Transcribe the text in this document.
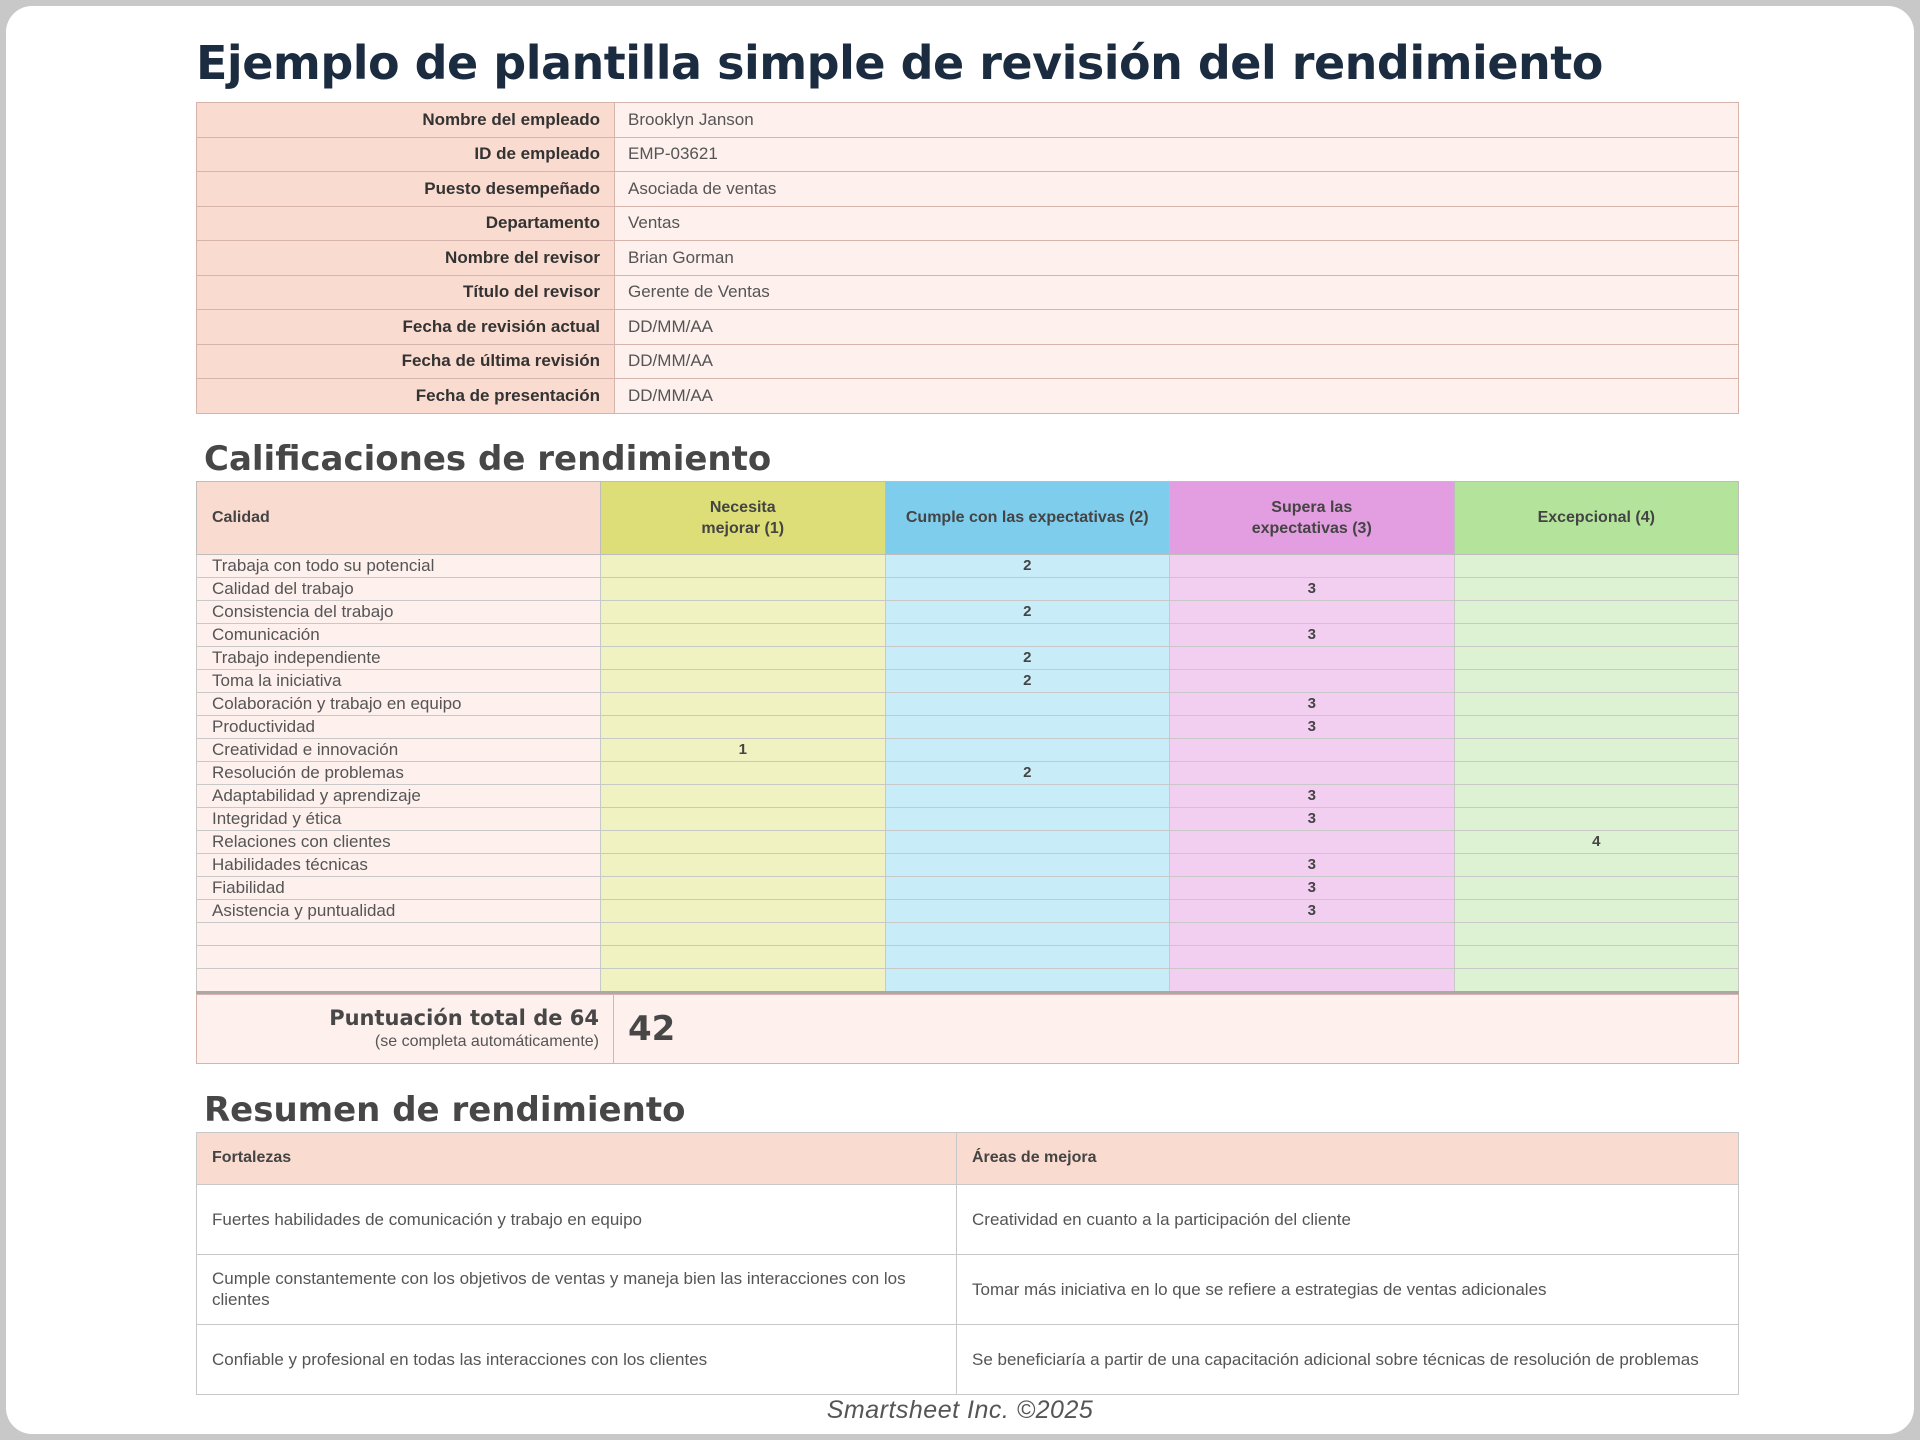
Ejemplo de plantilla simple de revisión del rendimiento
Nombre del empleado	Brooklyn Janson
ID de empleado	EMP-03621
Puesto desempeñado	Asociada de ventas
Departamento	Ventas
Nombre del revisor	Brian Gorman
Título del revisor	Gerente de Ventas
Fecha de revisión actual	DD/MM/AA
Fecha de última revisión	DD/MM/AA
Fecha de presentación	DD/MM/AA
Calificaciones de rendimiento
Calidad	Necesita mejorar (1)	Cumple con las expectativas (2)	Supera las expectativas (3)	Excepcional (4)
Trabaja con todo su potencial		2		
Calidad del trabajo			3	
Consistencia del trabajo		2		
Comunicación			3	
Trabajo independiente		2		
Toma la iniciativa		2		
Colaboración y trabajo en equipo			3	
Productividad			3	
Creatividad e innovación	1			
Resolución de problemas		2		
Adaptabilidad y aprendizaje			3	
Integridad y ética			3	
Relaciones con clientes				4
Habilidades técnicas			3	
Fiabilidad			3	
Asistencia y puntualidad			3	

Puntuación total de 64
(se completa automáticamente)	42
Resumen de rendimiento
Fortalezas	Áreas de mejora
Fuertes habilidades de comunicación y trabajo en equipo	Creatividad en cuanto a la participación del cliente
Cumple constantemente con los objetivos de ventas y maneja bien las interacciones con los clientes	Tomar más iniciativa en lo que se refiere a estrategias de ventas adicionales
Confiable y profesional en todas las interacciones con los clientes	Se beneficiaría a partir de una capacitación adicional sobre técnicas de resolución de problemas
Smartsheet Inc. ©2025
